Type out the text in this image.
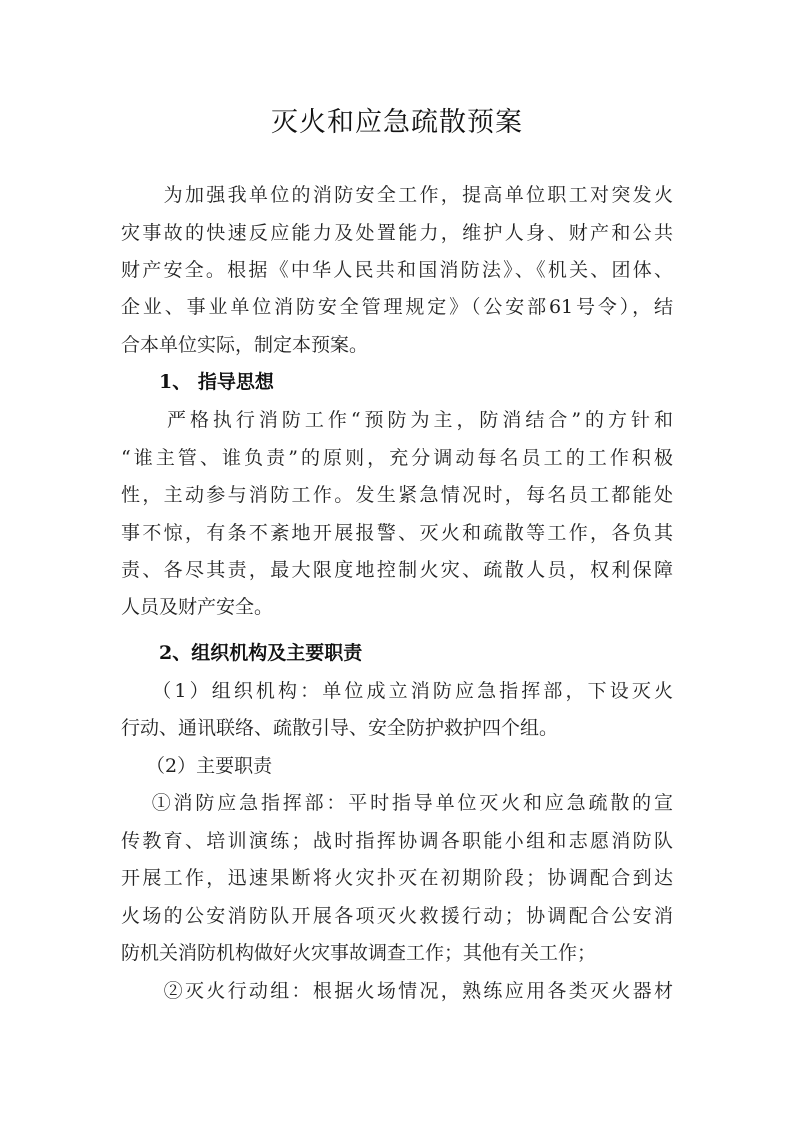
灭火和应急疏散预案
　　为加强我单位的消防安全工作，提高单位职工对突发火
灾事故的快速反应能力及处置能力，维护人身、财产和公共
财产安全。根据《中华人民共和国消防法》、《机关、团体、
企业、事业单位消防安全管理规定》（公安部61号令），结
合本单位实际，制定本预案。
　　1、 指导思想
　　严格执行消防工作“预防为主，防消结合”的方针和
“谁主管、谁负责”的原则，充分调动每名员工的工作积极
性，主动参与消防工作。发生紧急情况时，每名员工都能处
事不惊，有条不紊地开展报警、灭火和疏散等工作，各负其
责、各尽其责，最大限度地控制火灾、疏散人员，权利保障
人员及财产安全。
　　2、组织机构及主要职责
　 （1）组织机构：单位成立消防应急指挥部，下设灭火
行动、通讯联络、疏散引导、安全防护救护四个组。
　 （2）主要职责
　 ①消防应急指挥部：平时指导单位灭火和应急疏散的宣
传教育、培训演练；战时指挥协调各职能小组和志愿消防队
开展工作，迅速果断将火灾扑灭在初期阶段；协调配合到达
火场的公安消防队开展各项灭火救援行动；协调配合公安消
防机关消防机构做好火灾事故调查工作；其他有关工作；
　　②灭火行动组：根据火场情况，熟练应用各类灭火器材
